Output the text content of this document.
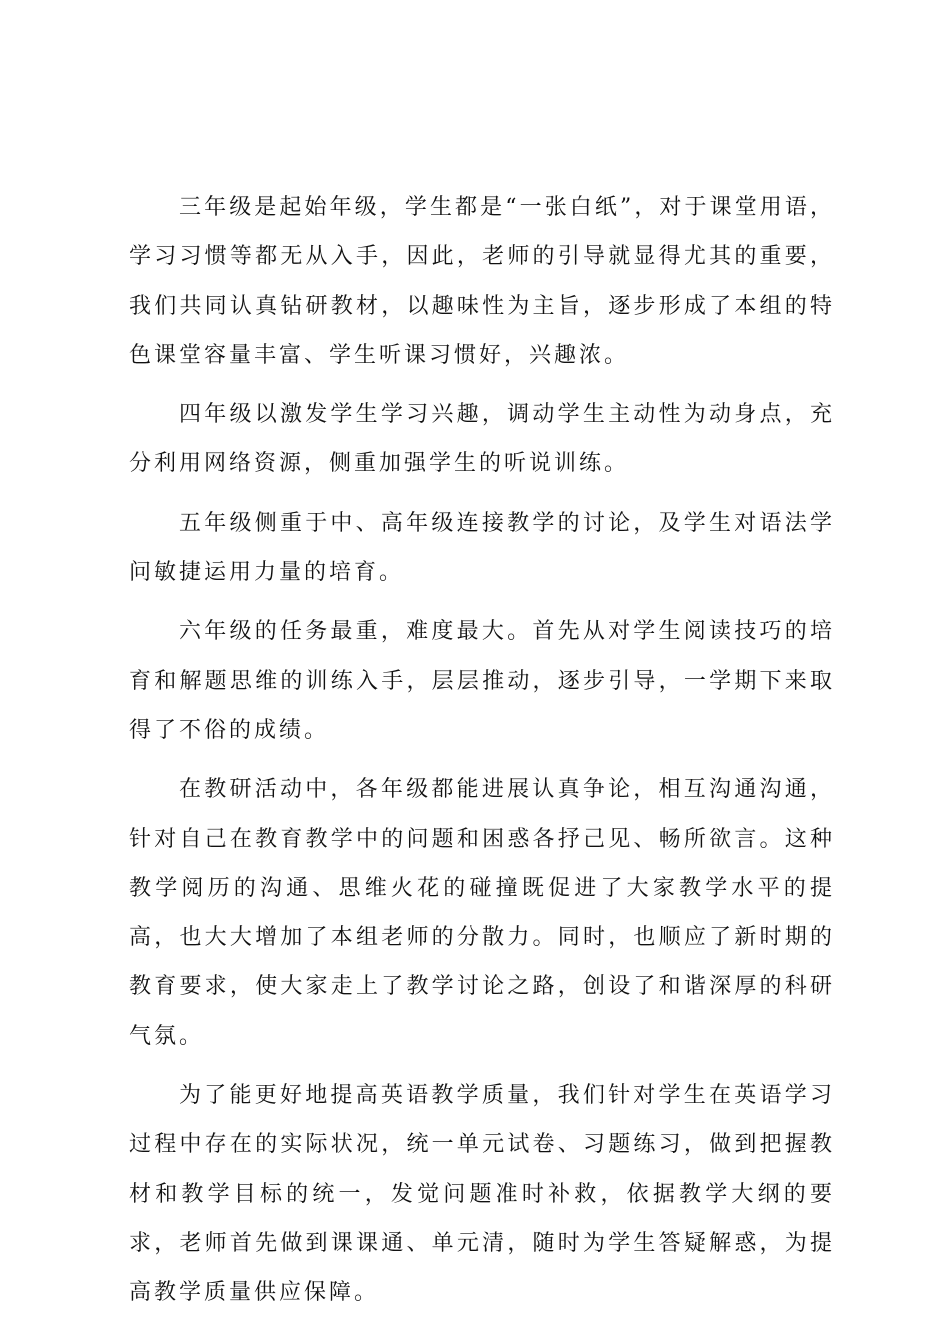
三年级是起始年级，学生都是“一张白纸”，对于课堂用语，学习习惯等都无从入手，因此，老师的引导就显得尤其的重要，我们共同认真钻研教材，以趣味性为主旨，逐步形成了本组的特色课堂容量丰富、学生听课习惯好，兴趣浓。

四年级以激发学生学习兴趣，调动学生主动性为动身点，充分利用网络资源，侧重加强学生的听说训练。

五年级侧重于中、高年级连接教学的讨论，及学生对语法学问敏捷运用力量的培育。

六年级的任务最重，难度最大。首先从对学生阅读技巧的培育和解题思维的训练入手，层层推动，逐步引导，一学期下来取得了不俗的成绩。

在教研活动中，各年级都能进展认真争论，相互沟通沟通，针对自己在教育教学中的问题和困惑各抒己见、畅所欲言。这种教学阅历的沟通、思维火花的碰撞既促进了大家教学水平的提高，也大大增加了本组老师的分散力。同时，也顺应了新时期的教育要求，使大家走上了教学讨论之路，创设了和谐深厚的科研气氛。

为了能更好地提高英语教学质量，我们针对学生在英语学习过程中存在的实际状况，统一单元试卷、习题练习，做到把握教材和教学目标的统一，发觉问题准时补救，依据教学大纲的要求，老师首先做到课课通、单元清，随时为学生答疑解惑，为提高教学质量供应保障。
